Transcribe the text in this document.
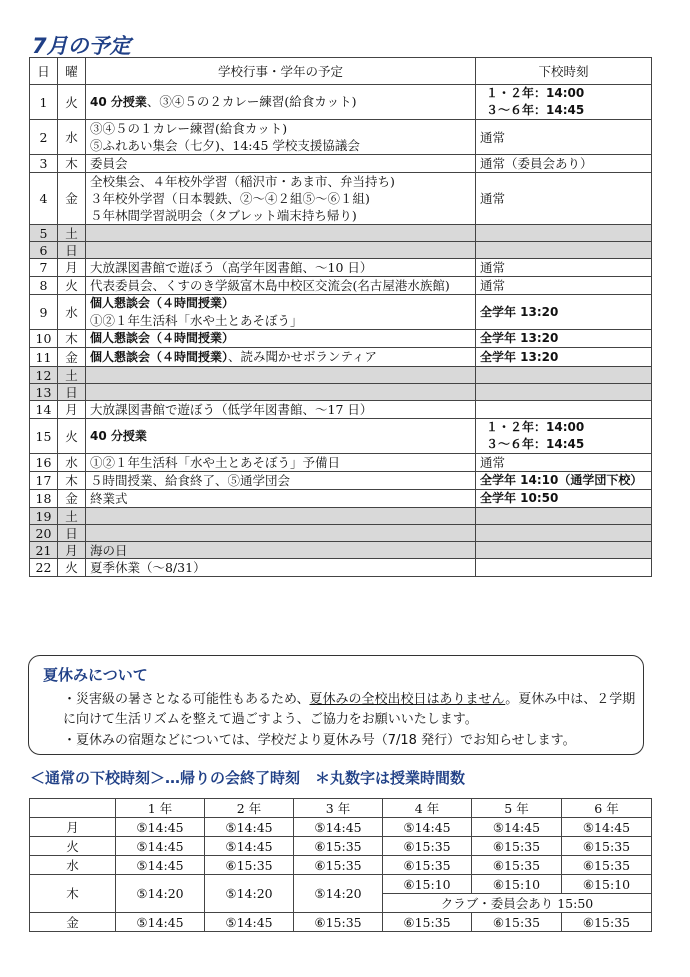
7月の予定
日	曜	学校行事・学年の予定	下校時刻
1	火	40 分授業、③④５の２カレー練習(給食カット)	１・２年：14:00
３～６年：14:45

2	水	③④５の１カレー練習(給食カット)
⑤ふれあい集会（七夕)、14:45 学校支援協議会	通常

3	木	委員会	通常（委員会あり）

4	金	全校集会、４年校外学習（稲沢市・あま市、弁当持ち)
３年校外学習（日本製鉄、②～④２組⑤～⑥１組)
５年林間学習説明会（タブレット端末持ち帰り)	通常

5	土		
6	日		
7	月	大放課図書館で遊ぼう（高学年図書館、～10 日）	通常

8	火	代表委員会、くすのき学級富木島中校区交流会(名古屋港水族館)	通常

9	水	個人懇談会（４時間授業）
①②１年生活科「水や土とあそぼう」	全学年 13:20

10	木	個人懇談会（４時間授業）	全学年 13:20

11	金	個人懇談会（４時間授業）、読み聞かせボランティア	全学年 13:20

12	土		
13	日		
14	月	大放課図書館で遊ぼう（低学年図書館、～17 日）	

15	火	40 分授業	１・２年：14:00
３～６年：14:45

16	水	①②１年生活科「水や土とあそぼう」予備日	通常

17	木	５時間授業、給食終了、⑤通学団会	全学年 14:10（通学団下校）

18	金	終業式	全学年 10:50

19	土		
20	日		
21	月	海の日	

22	火	夏季休業（～8/31）	

夏休みについて
・災害級の暑さとなる可能性もあるため、夏休みの全校出校日はありません。夏休み中は、２学期に向けて生活リズムを整えて過ごすよう、ご協力をお願いいたします。
・夏休みの宿題などについては、学校だより夏休み号（7/18 発行）でお知らせします。
＜通常の下校時刻＞…帰りの会終了時刻　＊丸数字は授業時間数
	1 年	2 年	3 年	4 年	5 年	6 年
月	⑤14:45	⑤14:45	⑤14:45	⑤14:45	⑤14:45	⑤14:45
火	⑤14:45	⑤14:45	⑥15:35	⑥15:35	⑥15:35	⑥15:35
水	⑤14:45	⑥15:35	⑥15:35	⑥15:35	⑥15:35	⑥15:35
木	⑤14:20	⑤14:20	⑤14:20	⑥15:10	⑥15:10	⑥15:10
				クラブ・委員会あり 15:50		
金	⑤14:45	⑤14:45	⑥15:35	⑥15:35	⑥15:35	⑥15:35
